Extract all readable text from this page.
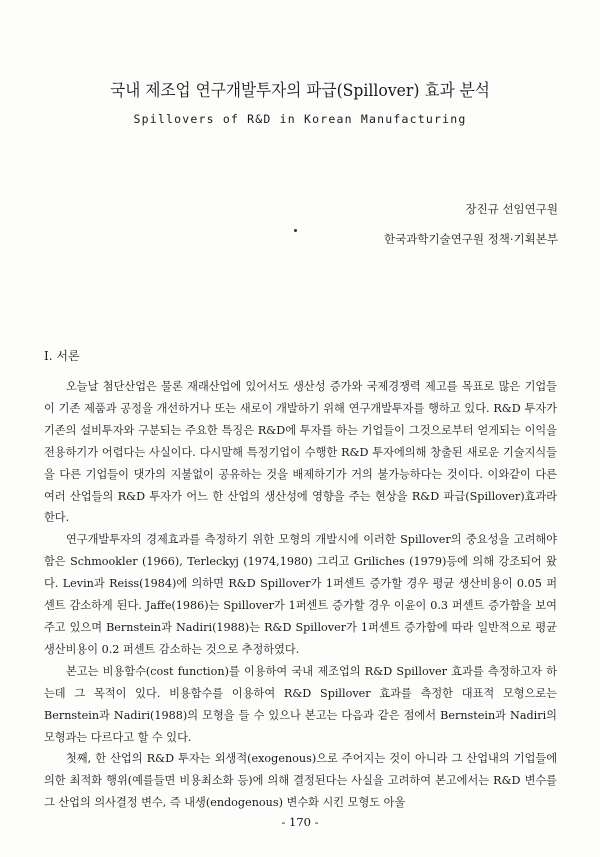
국내 제조업 연구개발투자의 파급(Spillover) 효과 분석
Spillovers of R&D in Korean Manufacturing
장진규 선임연구원
한국과학기술연구원 정책·기획본부
Ⅰ. 서론

오늘날 첨단산업은 물론 재래산업에 있어서도 생산성 증가와 국제경쟁력 제고를 목표로 많은 기업들이 기존 제품과 공정을 개선하거나 또는 새로이 개발하기 위해 연구개발투자를 행하고 있다. R&D 투자가 기존의 설비투자와 구분되는 주요한 특징은 R&D에 투자를 하는 기업들이 그것으로부터 얻게되는 이익을 전용하기가 어렵다는 사실이다. 다시말해 특정기업이 수행한 R&D 투자에의해 창출된 새로운 기술지식들을 다른 기업들이 댓가의 지불없이 공유하는 것을 배제하기가 거의 불가능하다는 것이다. 이와같이 다른 여러 산업들의 R&D 투자가 어느 한 산업의 생산성에 영향을 주는 현상을 R&D 파급(Spillover)효과라 한다.

연구개발투자의 경제효과를 측정하기 위한 모형의 개발시에 이러한 Spillover의 중요성을 고려해야함은 Schmookler (1966), Terleckyj (1974,1980) 그리고 Griliches (1979)등에 의해 강조되어 왔다. Levin과 Reiss(1984)에 의하면 R&D Spillover가 1퍼센트 증가할 경우 평균 생산비용이 0.05 퍼센트 감소하게 된다. Jaffe(1986)는 Spillover가 1퍼센트 증가할 경우 이윤이 0.3 퍼센트 증가함을 보여주고 있으며 Bernstein과 Nadiri(1988)는 R&D Spillover가 1퍼센트 증가함에 따라 일반적으로 평균 생산비용이 0.2 퍼센트 감소하는 것으로 추정하였다.

본고는 비용함수(cost function)를 이용하여 국내 제조업의 R&D Spillover 효과를 측정하고자 하는데 그 목적이 있다. 비용함수를 이용하여 R&D Spillover 효과를 측정한 대표적 모형으로는 Bernstein과 Nadiri(1988)의 모형을 들 수 있으나 본고는 다음과 같은 점에서 Bernstein과 Nadiri의 모형과는 다르다고 할 수 있다.

첫째, 한 산업의 R&D 투자는 외생적(exogenous)으로 주어지는 것이 아니라 그 산업내의 기업들에 의한 최적화 행위(예를들면 비용최소화 등)에 의해 결정된다는 사실을 고려하여 본고에서는 R&D 변수를 그 산업의 의사결정 변수, 즉 내생(endogenous) 변수화 시킨 모형도 아울

- 170 -
